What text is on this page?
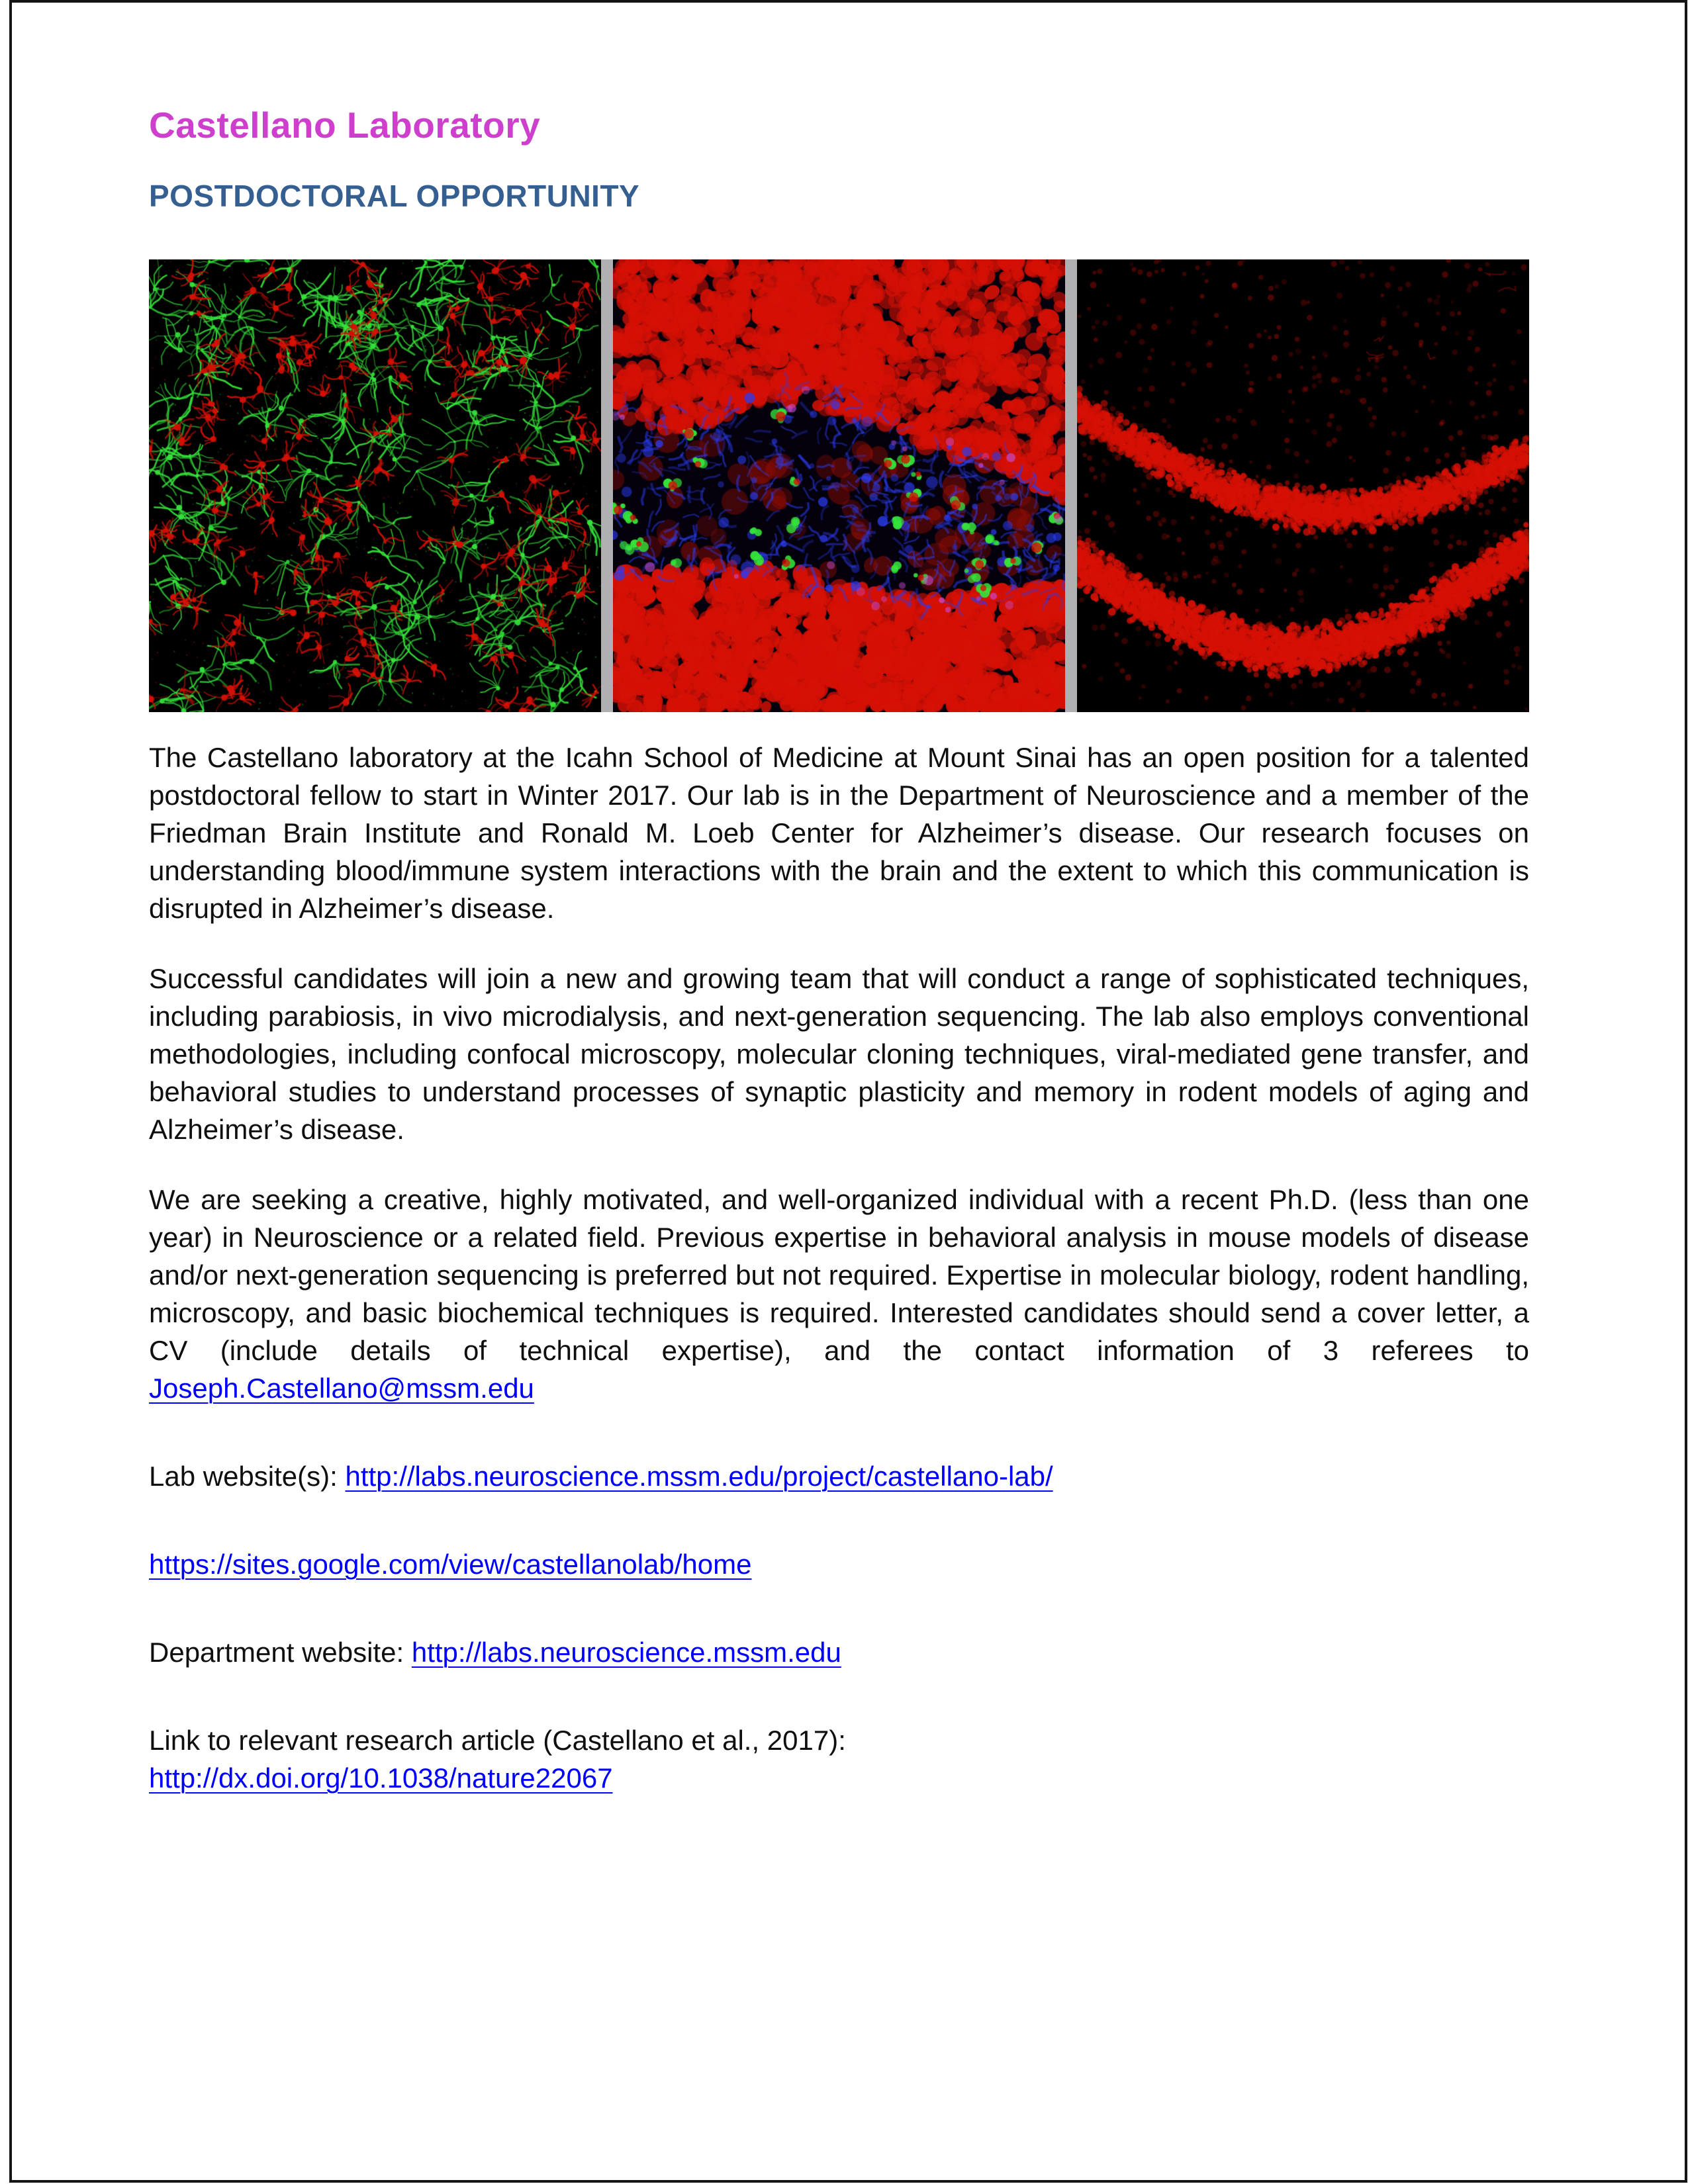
Castellano Laboratory
POSTDOCTORAL OPPORTUNITY

The Castellano laboratory at the Icahn School of Medicine at Mount Sinai has an open position for a talented postdoctoral fellow to start in Winter 2017. Our lab is in the Department of Neuroscience and a member of the Friedman Brain Institute and Ronald M. Loeb Center for Alzheimer’s disease. Our research focuses on understanding blood/immune system interactions with the brain and the extent to which this communication is disrupted in Alzheimer’s disease.

Successful candidates will join a new and growing team that will conduct a range of sophisticated techniques, including parabiosis, in vivo microdialysis, and next-generation sequencing. The lab also employs conventional methodologies, including confocal microscopy, molecular cloning techniques, viral-mediated gene transfer, and behavioral studies to understand processes of synaptic plasticity and memory in rodent models of aging and Alzheimer’s disease.

We are seeking a creative, highly motivated, and well-organized individual with a recent Ph.D. (less than one year) in Neuroscience or a related field. Previous expertise in behavioral analysis in mouse models of disease and/or next-generation sequencing is preferred but not required. Expertise in molecular biology, rodent handling, microscopy, and basic biochemical techniques is required. Interested candidates should send a cover letter, a CV (include details of technical expertise), and the contact information of 3 referees to Joseph.Castellano@mssm.edu

Lab website(s): http://labs.neuroscience.mssm.edu/project/castellano-lab/

https://sites.google.com/view/castellanolab/home

Department website: http://labs.neuroscience.mssm.edu

Link to relevant research article (Castellano et al., 2017):
http://dx.doi.org/10.1038/nature22067
